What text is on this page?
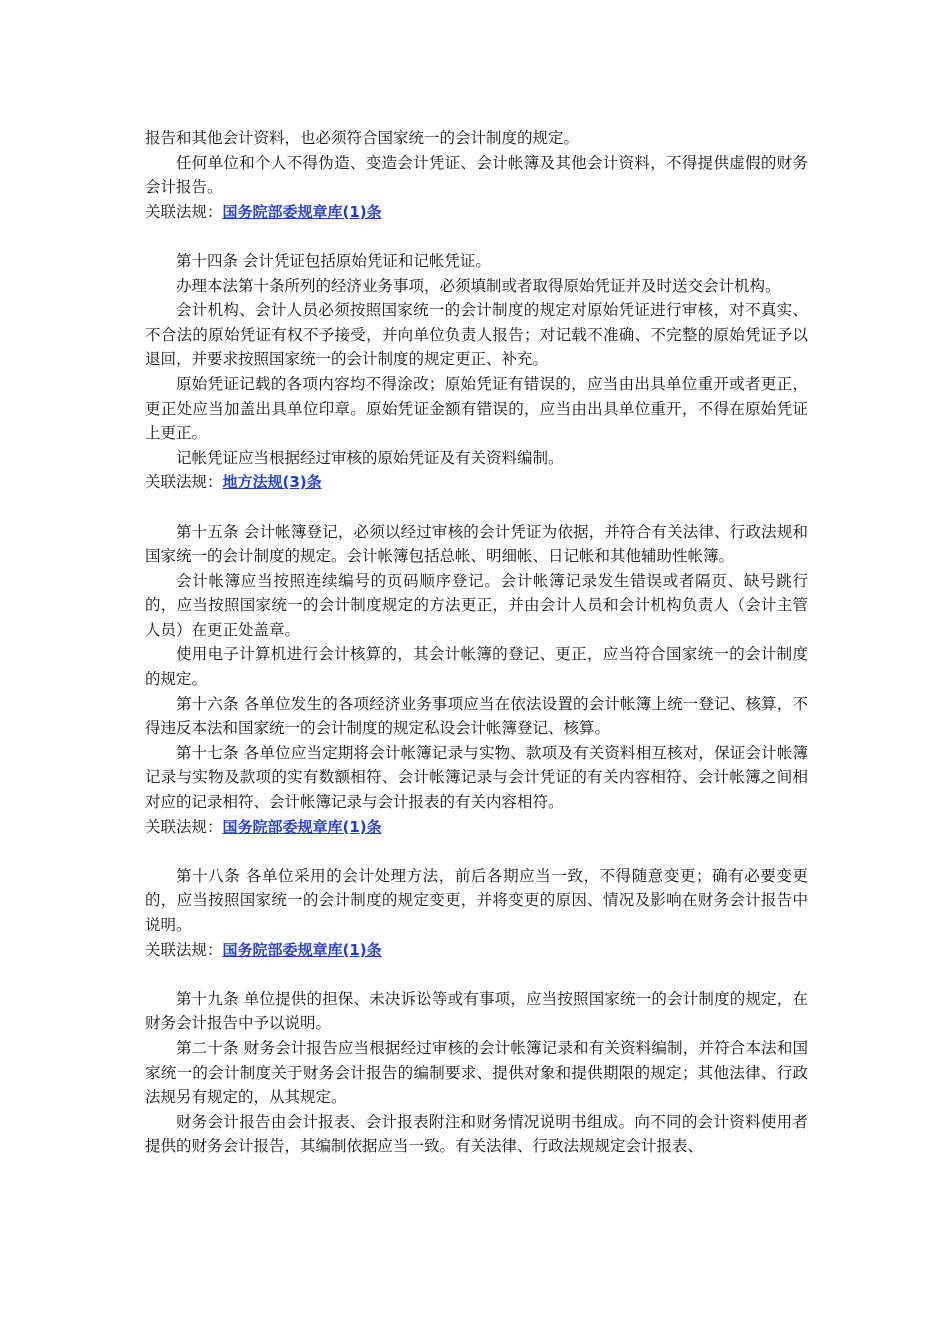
报告和其他会计资料，也必须符合国家统一的会计制度的规定。

任何单位和个人不得伪造、变造会计凭证、会计帐簿及其他会计资料，不得提供虚假的财务会计报告。

关联法规：国务院部委规章库(1)条

第十四条 会计凭证包括原始凭证和记帐凭证。

办理本法第十条所列的经济业务事项，必须填制或者取得原始凭证并及时送交会计机构。

会计机构、会计人员必须按照国家统一的会计制度的规定对原始凭证进行审核，对不真实、不合法的原始凭证有权不予接受，并向单位负责人报告；对记载不准确、不完整的原始凭证予以退回，并要求按照国家统一的会计制度的规定更正、补充。

原始凭证记载的各项内容均不得涂改；原始凭证有错误的，应当由出具单位重开或者更正，更正处应当加盖出具单位印章。原始凭证金额有错误的，应当由出具单位重开，不得在原始凭证上更正。

记帐凭证应当根据经过审核的原始凭证及有关资料编制。

关联法规：地方法规(3)条

第十五条 会计帐簿登记，必须以经过审核的会计凭证为依据，并符合有关法律、行政法规和国家统一的会计制度的规定。会计帐簿包括总帐、明细帐、日记帐和其他辅助性帐簿。

会计帐簿应当按照连续编号的页码顺序登记。会计帐簿记录发生错误或者隔页、缺号跳行的，应当按照国家统一的会计制度规定的方法更正，并由会计人员和会计机构负责人（会计主管人员）在更正处盖章。

使用电子计算机进行会计核算的，其会计帐簿的登记、更正，应当符合国家统一的会计制度的规定。

第十六条 各单位发生的各项经济业务事项应当在依法设置的会计帐簿上统一登记、核算，不得违反本法和国家统一的会计制度的规定私设会计帐簿登记、核算。

第十七条 各单位应当定期将会计帐簿记录与实物、款项及有关资料相互核对，保证会计帐簿记录与实物及款项的实有数额相符、会计帐簿记录与会计凭证的有关内容相符、会计帐簿之间相对应的记录相符、会计帐簿记录与会计报表的有关内容相符。

关联法规：国务院部委规章库(1)条

第十八条 各单位采用的会计处理方法，前后各期应当一致，不得随意变更；确有必要变更的，应当按照国家统一的会计制度的规定变更，并将变更的原因、情况及影响在财务会计报告中说明。

关联法规：国务院部委规章库(1)条

第十九条 单位提供的担保、未决诉讼等或有事项，应当按照国家统一的会计制度的规定，在财务会计报告中予以说明。

第二十条 财务会计报告应当根据经过审核的会计帐簿记录和有关资料编制，并符合本法和国家统一的会计制度关于财务会计报告的编制要求、提供对象和提供期限的规定；其他法律、行政法规另有规定的，从其规定。

财务会计报告由会计报表、会计报表附注和财务情况说明书组成。向不同的会计资料使用者提供的财务会计报告，其编制依据应当一致。有关法律、行政法规规定会计报表、
